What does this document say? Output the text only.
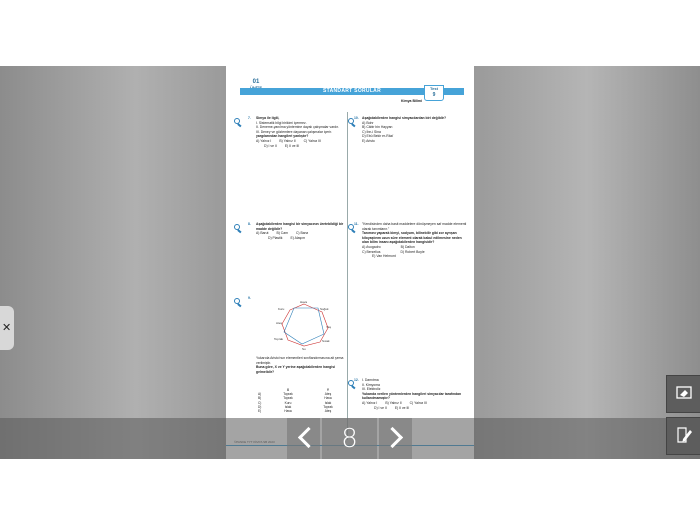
01
STANDART SORULAR	Test
9
Kimya Bilimi
7. Simya ile ilgili,
I. Sistematik bilgi birikimi içermez.
II. Deneme-yanılma yöntemine dayalı çalışmalar vardır.
III. Deney ve gözlemlere dayanan çalışmalar içerir.
yargılarından hangileri yanlıştır?
A) Yalnız I B) Yalnız II C) Yalnız III
D) I ve II E) II ve III
8. Aşağıdakilerden hangisi bir simyacının üretebildiği bir madde değildir?
A) Barut B) Cam C) Banz
D) Plastik E) Alaşım
9.
Hava
Kuru	Soğuk
Yaş
Toprak
Su
Ateş
Sıcak
Yukarıda Aristo'nun elementleri sınıflandırmasına ait şema verilmiştir.
Buna göre, X ve Y yerine aşağıdakilerden hangisi gelmelidir?
X	Y
A)	Toprak	Ateş
B)	Toprak	Hava
C)	Kuru	Islak
D)	Islak	Toprak
E)	Hava	Ateş
10. Aşağıdakilerden hangisi simyacılardan biri değildir?
A) Bohr
B) Câbir bin Hayyan
C) İbn-i Sina
D) Ebû Bekir er-Râzî
E) Aristo
11. "Kendisinden daha basit maddelere dönüşmeyen saf madde elementi olarak tanımlanır."
Tanımını yaparak kimyi, sodyum, bilinebilir gibi zor ayrışan kiloyaştırım uzun süre element olarak kabul edilmesine neden olan bilim insanı aşağıdakilerden hangisidir?
A) Avogadro	B) Dalton
C) Berzelius	D) Robert Boyle
E) Van Helmont
12. I. Damıtma
II. Kimyoma
III. Elektroliz
Yukarıda verilen yöntemlerden hangileri simyacılar tarafından kullanılmamıştır?
A) Yalnız I B) Yalnız II C) Yalnız III
D) I ve II E) II ve III
✕
8
